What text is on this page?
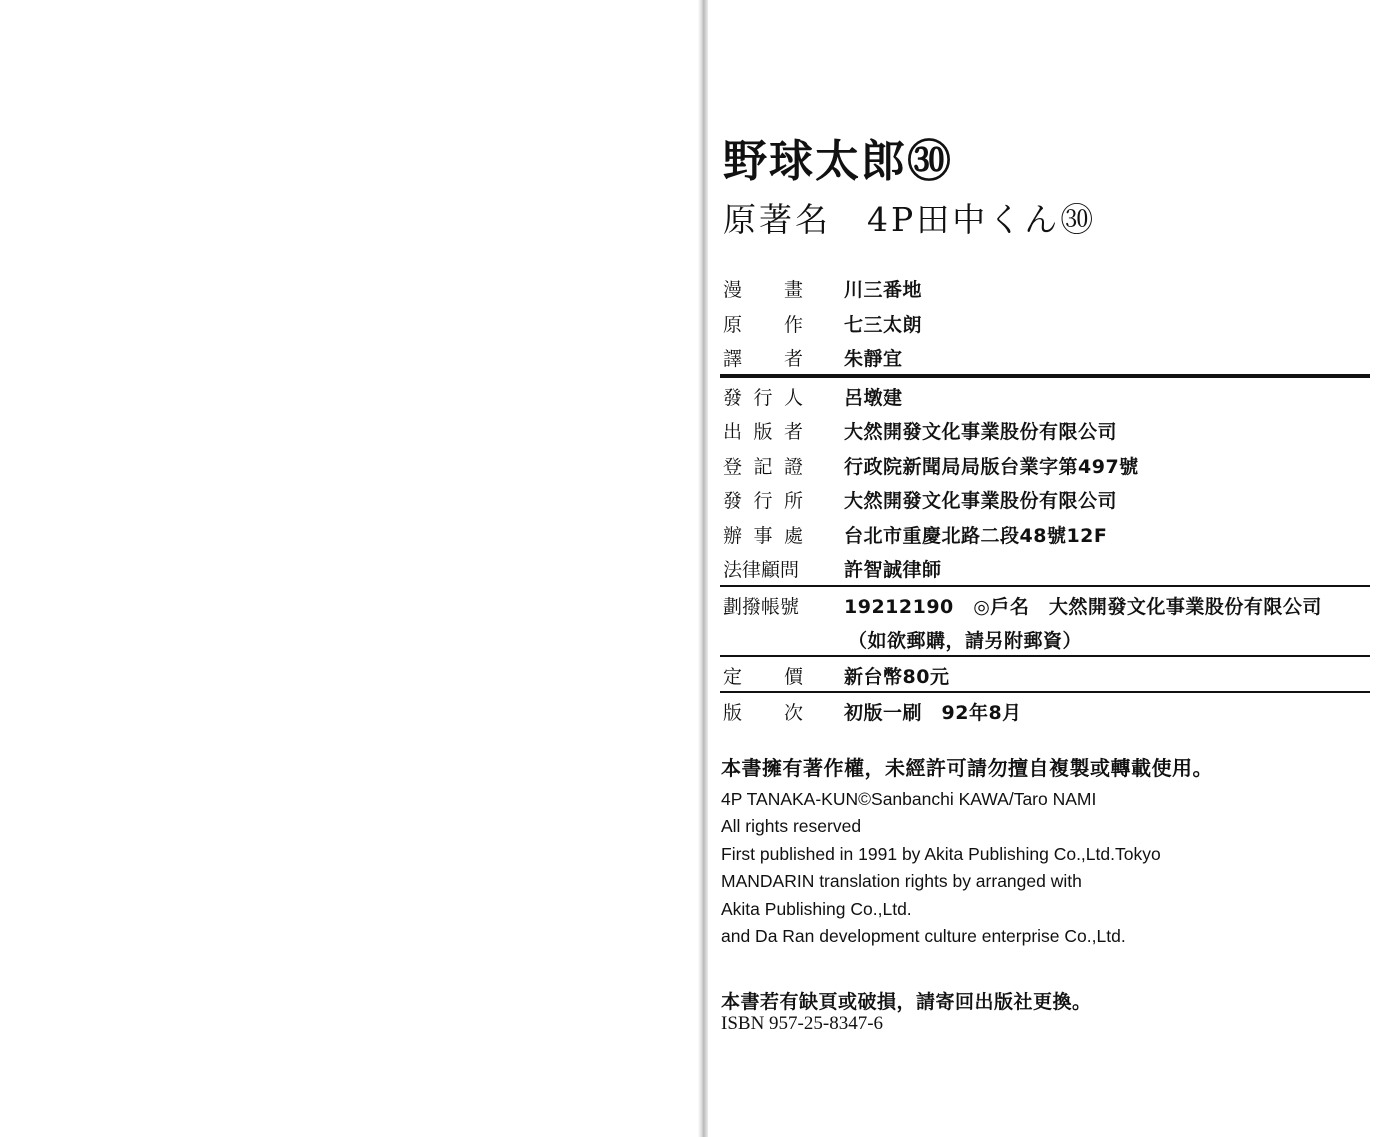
野球太郎㉚
原著名　4P田中くん㉚
漫 畫 川三番地
原 作 七三太朗
譯 者 朱靜宜
發 行 人 呂墩建
出 版 者 大然開發文化事業股份有限公司
登 記 證 行政院新聞局局版台業字第497號
發 行 所 大然開發文化事業股份有限公司
辦 事 處 台北市重慶北路二段48號12F
法律顧問 許智誠律師
劃撥帳號 19212190　◎戶名　大然開發文化事業股份有限公司
（如欲郵購，請另附郵資）
定 價 新台幣80元
版 次 初版一刷　92年8月
本書擁有著作權，未經許可請勿擅自複製或轉載使用。
4P TANAKA-KUN©Sanbanchi KAWA/Taro NAMI
All rights reserved
First published in 1991 by Akita Publishing Co.,Ltd.Tokyo
MANDARIN translation rights by arranged with
Akita Publishing Co.,Ltd.
and Da Ran development culture enterprise Co.,Ltd.
本書若有缺頁或破損，請寄回出版社更換。
ISBN 957-25-8347-6
